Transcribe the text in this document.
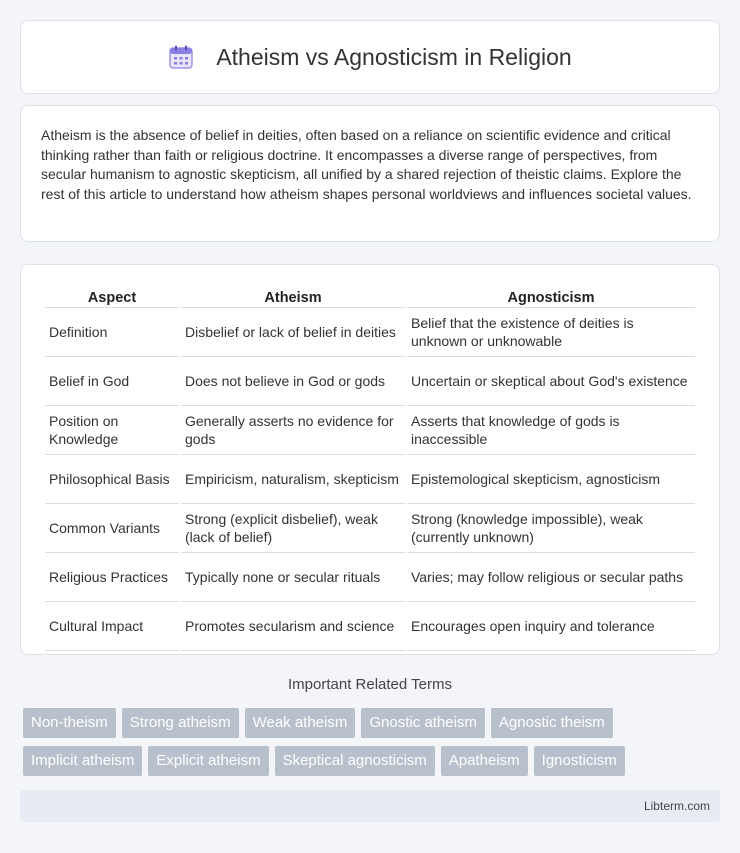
Atheism vs Agnosticism in Religion

Atheism is the absence of belief in deities, often based on a reliance on scientific evidence and critical thinking rather than faith or religious doctrine. It encompasses a diverse range of perspectives, from secular humanism to agnostic skepticism, all unified by a shared rejection of theistic claims. Explore the rest of this article to understand how atheism shapes personal worldviews and influences societal values.

Aspect	Atheism	Agnosticism
Definition	Disbelief or lack of belief in deities	Belief that the existence of deities is unknown or unknowable
Belief in God	Does not believe in God or gods	Uncertain or skeptical about God's existence
Position on Knowledge	Generally asserts no evidence for gods	Asserts that knowledge of gods is inaccessible
Philosophical Basis	Empiricism, naturalism, skepticism	Epistemological skepticism, agnosticism
Common Variants	Strong (explicit disbelief), weak (lack of belief)	Strong (knowledge impossible), weak (currently unknown)
Religious Practices	Typically none or secular rituals	Varies; may follow religious or secular paths
Cultural Impact	Promotes secularism and science	Encourages open inquiry and tolerance
Important Related Terms
Non-theism	Strong atheism	Weak atheism	Gnostic atheism	Agnostic theism
Implicit atheism	Explicit atheism	Skeptical agnosticism	Apatheism	Ignosticism
Libterm.com
